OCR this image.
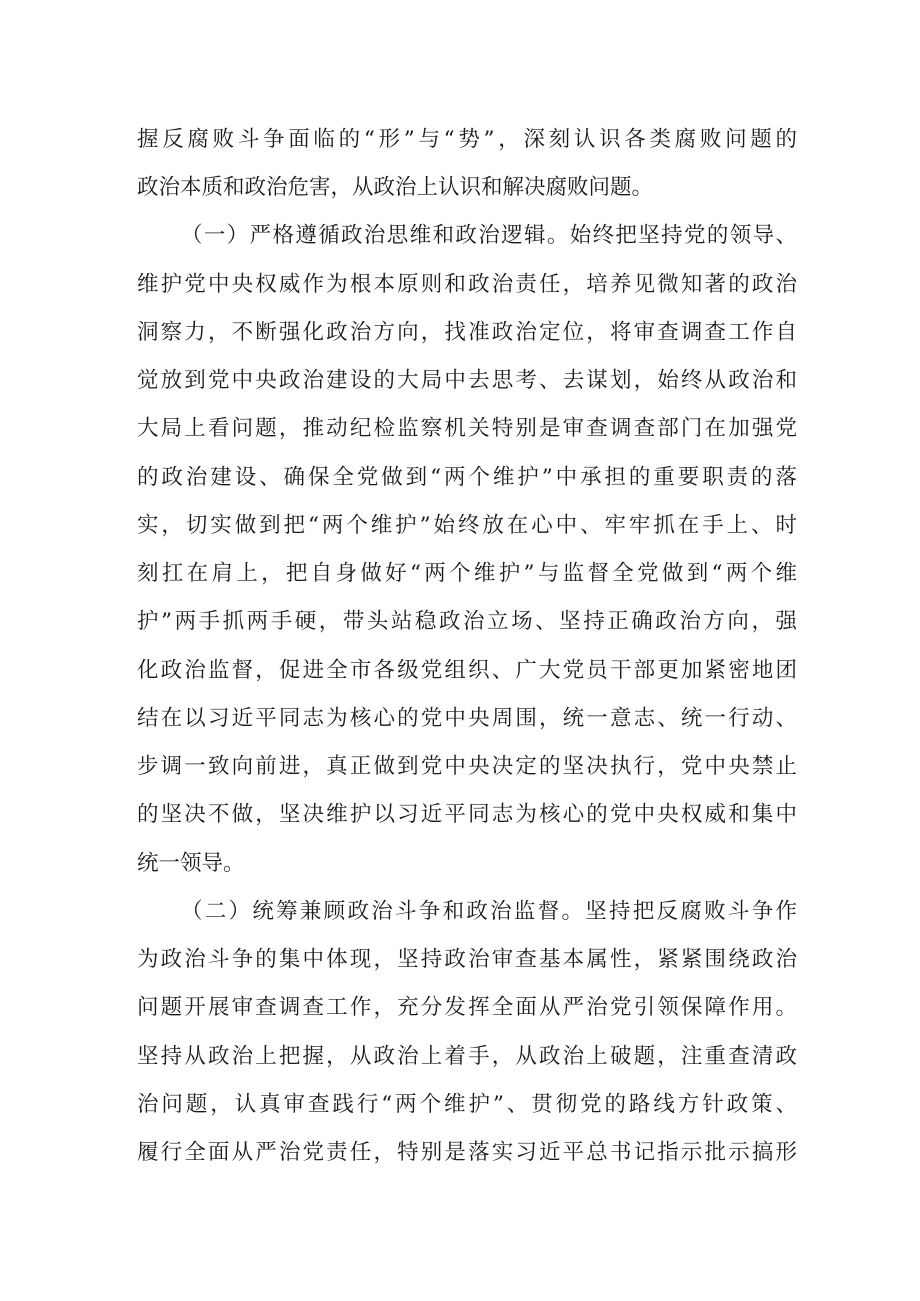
握反腐败斗争面临的“形”与“势”，深刻认识各类腐败问题的
政治本质和政治危害，从政治上认识和解决腐败问题。
（一）严格遵循政治思维和政治逻辑。始终把坚持党的领导、
维护党中央权威作为根本原则和政治责任，培养见微知著的政治
洞察力，不断强化政治方向，找准政治定位，将审查调查工作自
觉放到党中央政治建设的大局中去思考、去谋划，始终从政治和
大局上看问题，推动纪检监察机关特别是审查调查部门在加强党
的政治建设、确保全党做到“两个维护”中承担的重要职责的落
实，切实做到把“两个维护”始终放在心中、牢牢抓在手上、时
刻扛在肩上，把自身做好“两个维护”与监督全党做到“两个维
护”两手抓两手硬，带头站稳政治立场、坚持正确政治方向，强
化政治监督，促进全市各级党组织、广大党员干部更加紧密地团
结在以习近平同志为核心的党中央周围，统一意志、统一行动、
步调一致向前进，真正做到党中央决定的坚决执行，党中央禁止
的坚决不做，坚决维护以习近平同志为核心的党中央权威和集中
统一领导。
（二）统筹兼顾政治斗争和政治监督。坚持把反腐败斗争作
为政治斗争的集中体现，坚持政治审查基本属性，紧紧围绕政治
问题开展审查调查工作，充分发挥全面从严治党引领保障作用。
坚持从政治上把握，从政治上着手，从政治上破题，注重查清政
治问题，认真审查践行“两个维护”、贯彻党的路线方针政策、
履行全面从严治党责任，特别是落实习近平总书记指示批示搞形
